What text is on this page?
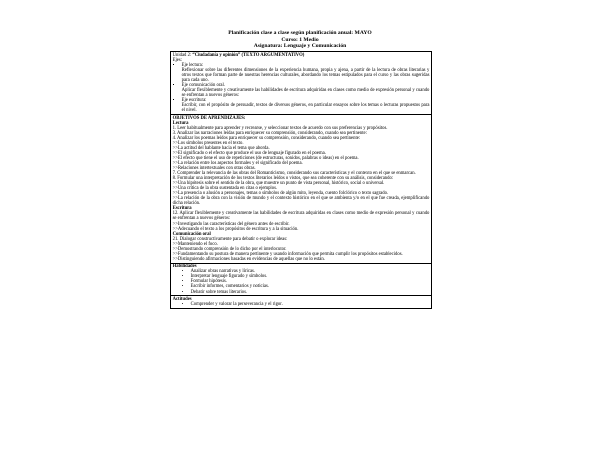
Planificación clase a clase según planificación anual: MAYO
Curso: 1 Medio
Asignatura: Lenguaje y Comunicación
Unidad 2: “Ciudadanía y opinión” (TEXTO ARGUMENTATIVO)
Ejes:
▪ Eje lectura:
Reflexionar sobre las diferentes dimensiones de la experiencia humana, propia y ajena, a partir de la lectura de obras literarias y otros textos que forman parte de nuestras herencias culturales, abordando los temas estipulados para el curso y las obras sugeridas para cada uno.
▪ Eje comunicación oral.
Aplicar flexiblemente y creativamente las habilidades de escritura adquiridas en clases como medio de expresión personal y cuando se enfrentan a nuevos géneros:
▪ Eje escritura:
Escribir, con el propósito de persuadir, textos de diversos géneros, en particular ensayos sobre los temas o lecturas propuestos para el nivel.
OBJETIVOS DE APRENDIZAJES:
Lectura
1. Leer habitualmente para aprender y recrearse, y seleccionar textos de acuerdo con sus preferencias y propósitos.
3. Analizar las narraciones leídas para enriquecer su comprensión, considerando, cuando sea pertinente:
4. Analizar los poemas leídos para enriquecer su comprensión, considerando, cuando sea pertinente:
>>Los símbolos presentes en el texto.
>>La actitud del hablante hacia el tema que aborda.
>>El significado o el efecto que produce el uso de lenguaje figurado en el poema.
>>El efecto que tiene el uso de repeticiones (de estructuras, sonidos, palabras o ideas) en el poema.
>>La relación entre los aspectos formales y el significado del poema.
>>Relaciones intertextuales con otras obras.
7. Comprender la relevancia de las obras del Romanticismo, considerando sus características y el contexto en el que se enmarcan.
8. Formular una interpretación de los textos literarios leídos o vistos, que sea coherente con su análisis, considerando:
>>Una hipótesis sobre el sentido de la obra, que muestre un punto de vista personal, histórico, social o universal.
>>Una crítica de la obra sustentada en citas o ejemplos.
>>La presencia o alusión a personajes, temas o símbolos de algún mito, leyenda, cuento folclórico o texto sagrado.
>>La relación de la obra con la visión de mundo y el contexto histórico en el que se ambienta y/o en el que fue creada, ejemplificando dicha relación.
Escritura
12. Aplicar flexiblemente y creativamente las habilidades de escritura adquiridas en clases como medio de expresión personal y cuando se enfrentan a nuevos géneros:
>>Investigando las características del género antes de escribir.
>>Adecuando el texto a los propósitos de escritura y a la situación.
Comunicación oral
21. Dialogar constructivamente para debatir o explorar ideas:
>>Manteniendo el foco.
>>Demostrando comprensión de lo dicho por el interlocutor.
>>Fundamentando su postura de manera pertinente y usando información que permita cumplir los propósitos establecidos.
>>Distinguiendo afirmaciones basadas en evidencias de aquellas que no lo están.
Habilidades
• Analizar obras narrativas y líricas.
• Interpretar lenguaje figurado y símbolos.
• Formular hipótesis.
• Escribir informes, comentarios y noticias.
• Debatir sobre temas literarios.
Actitudes
• Comprender y valorar la perseverancia y el rigor.
